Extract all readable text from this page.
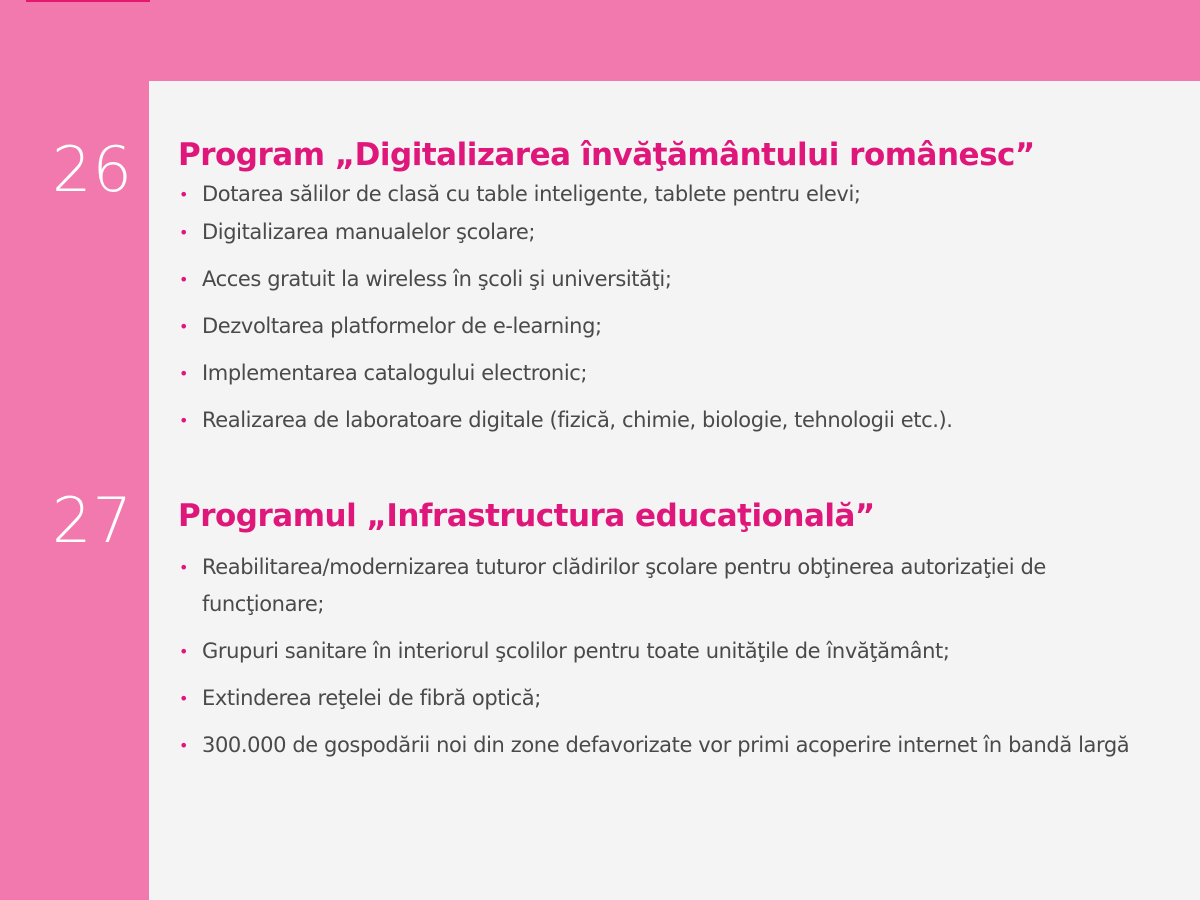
26
27
Program „Digitalizarea învăţământului românesc”
• Dotarea sălilor de clasă cu table inteligente, tablete pentru elevi;
• Digitalizarea manualelor şcolare;
• Acces gratuit la wireless în şcoli şi universităţi;
• Dezvoltarea platformelor de e-learning;
• Implementarea catalogului electronic;
• Realizarea de laboratoare digitale (fizică, chimie, biologie, tehnologii etc.).
Programul „Infrastructura educaţională”
• Reabilitarea/modernizarea tuturor clădirilor şcolare pentru obţinerea autorizaţiei de funcţionare;
• Grupuri sanitare în interiorul şcolilor pentru toate unităţile de învăţământ;
• Extinderea reţelei de fibră optică;
• 300.000 de gospodării noi din zone defavorizate vor primi acoperire internet în bandă largă
